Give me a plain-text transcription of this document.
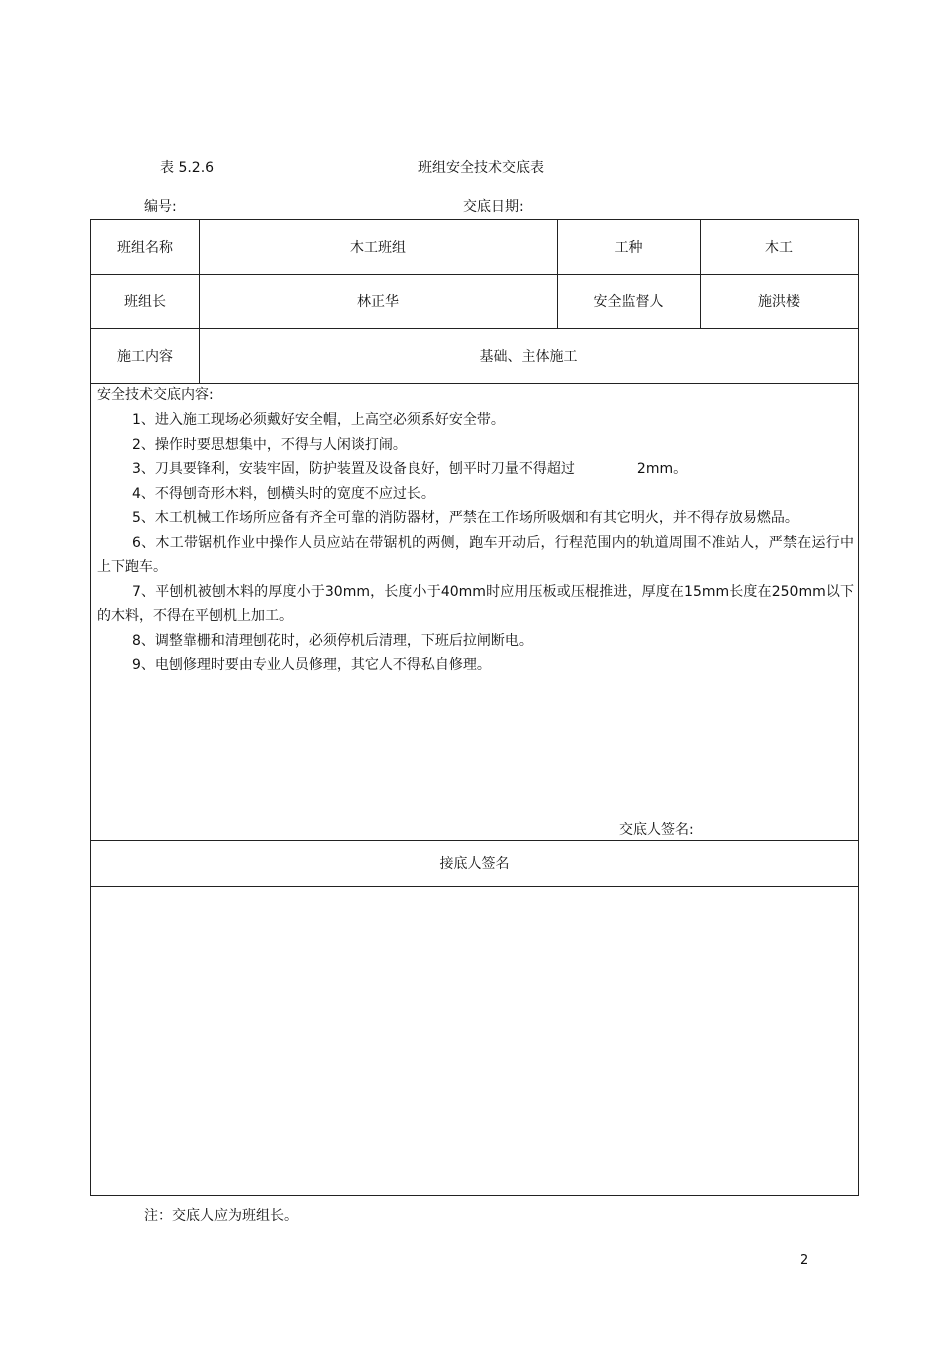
表 5.2.6	班组安全技术交底表
编号:	交底日期:
班组名称	木工班组	工种	木工
班组长	林正华	安全监督人	施洪楼
施工内容	基础、主体施工
安全技术交底内容:
1、进入施工现场必须戴好安全帽，上高空必须系好安全带。
2、操作时要思想集中，不得与人闲谈打闹。
3、刀具要锋利，安装牢固，防护装置及设备良好，刨平时刀量不得超过	2mm。
4、不得刨奇形木料，刨横头时的宽度不应过长。
5、木工机械工作场所应备有齐全可靠的消防器材，严禁在工作场所吸烟和有其它明火，并不得存放易燃品。
6、木工带锯机作业中操作人员应站在带锯机的两侧，跑车开动后，行程范围内的轨道周围不准站人，严禁在运行中上下跑车。
7、平刨机被刨木料的厚度小于30mm，长度小于40mm时应用压板或压棍推进，厚度在15mm长度在250mm以下的木料，不得在平刨机上加工。
8、调整靠栅和清理刨花时，必须停机后清理，下班后拉闸断电。
9、电刨修理时要由专业人员修理，其它人不得私自修理。
交底人签名:
接底人签名
注：交底人应为班组长。
2
